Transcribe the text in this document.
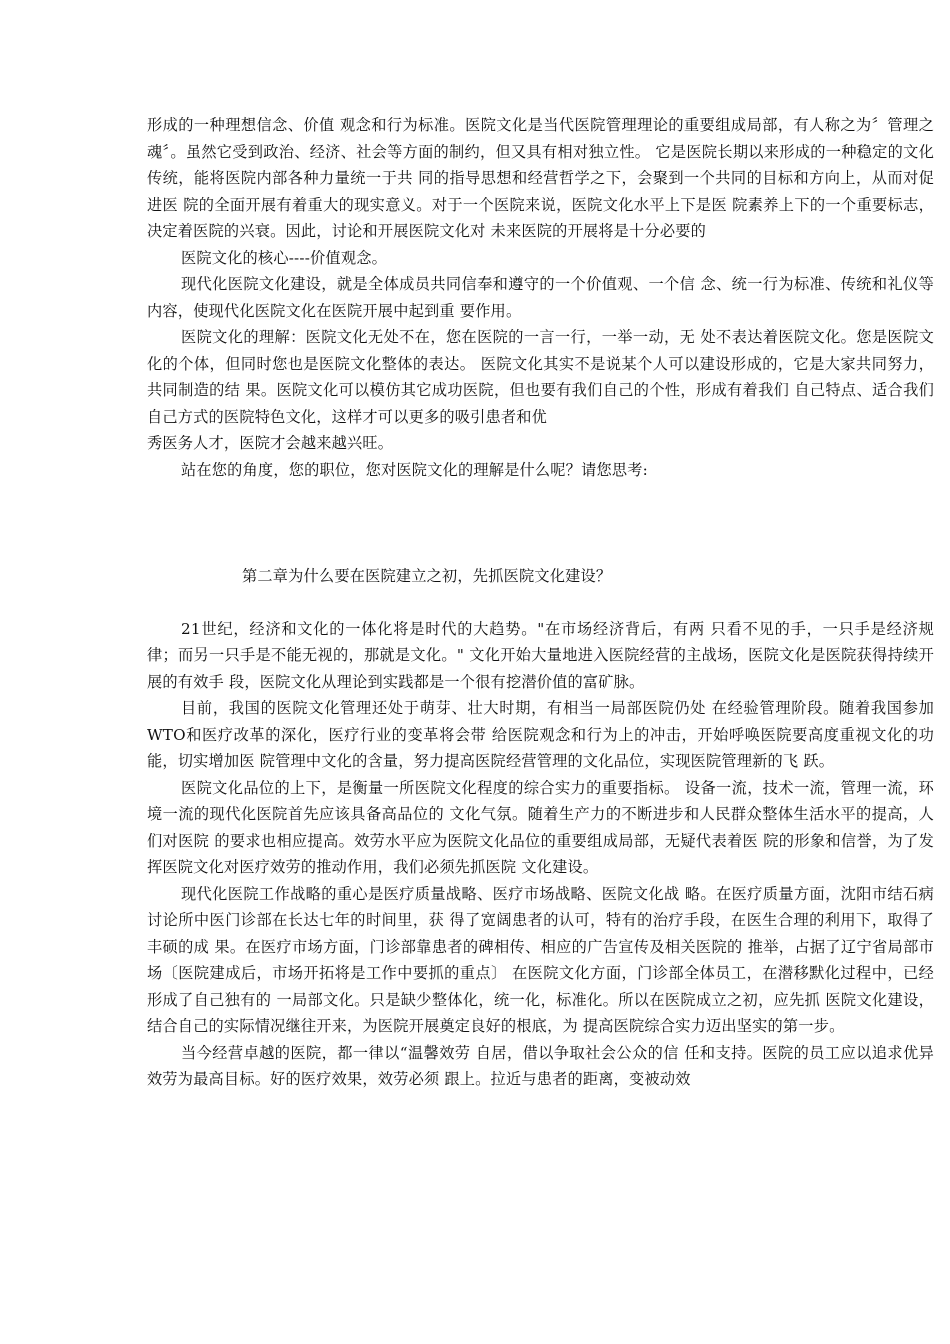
形成的一种理想信念、价值 观念和行为标准。医院文化是当代医院管理理论的重要组成局部，有人称之为〞管理之魂〞。虽然它受到政治、经济、社会等方面的制约，但又具有相对独立性。 它是医院长期以来形成的一种稳定的文化传统，能将医院内部各种力量统一于共 同的指导思想和经营哲学之下，会聚到一个共同的目标和方向上，从而对促进医 院的全面开展有着重大的现实意义。对于一个医院来说，医院文化水平上下是医 院素养上下的一个重要标志，决定着医院的兴衰。因此，讨论和开展医院文化对 未来医院的开展将是十分必要的

医院文化的核心----价值观念。

现代化医院文化建设，就是全体成员共同信奉和遵守的一个价值观、一个信 念、统一行为标准、传统和礼仪等内容，使现代化医院文化在医院开展中起到重 要作用。

医院文化的理解：医院文化无处不在，您在医院的一言一行，一举一动，无 处不表达着医院文化。您是医院文化的个体，但同时您也是医院文化整体的表达。 医院文化其实不是说某个人可以建设形成的，它是大家共同努力，共同制造的结 果。医院文化可以模仿其它成功医院，但也要有我们自己的个性，形成有着我们 自己特点、适合我们自己方式的医院特色文化，这样才可以更多的吸引患者和优

秀医务人才，医院才会越来越兴旺。

站在您的角度，您的职位，您对医院文化的理解是什么呢？请您思考:

第二章为什么要在医院建立之初，先抓医院文化建设？

21世纪，经济和文化的一体化将是时代的大趋势。"在市场经济背后，有两 只看不见的手，一只手是经济规律；而另一只手是不能无视的，那就是文化。" 文化开始大量地进入医院经营的主战场，医院文化是医院获得持续开展的有效手 段，医院文化从理论到实践都是一个很有挖潜价值的富矿脉。

目前，我国的医院文化管理还处于萌芽、壮大时期，有相当一局部医院仍处 在经验管理阶段。随着我国参加WTO和医疗改革的深化，医疗行业的变革将会带 给医院观念和行为上的冲击，开始呼唤医院要高度重视文化的功能，切实增加医 院管理中文化的含量，努力提高医院经营管理的文化品位，实现医院管理新的飞 跃。

医院文化品位的上下，是衡量一所医院文化程度的综合实力的重要指标。 设备一流，技术一流，管理一流，环境一流的现代化医院首先应该具备高品位的 文化气氛。随着生产力的不断进步和人民群众整体生活水平的提高，人们对医院 的要求也相应提高。效劳水平应为医院文化品位的重要组成局部，无疑代表着医 院的形象和信誉，为了发挥医院文化对医疗效劳的推动作用，我们必须先抓医院 文化建设。

现代化医院工作战略的重心是医疗质量战略、医疗市场战略、医院文化战 略。在医疗质量方面，沈阳市结石病讨论所中医门诊部在长达七年的时间里，获 得了宽阔患者的认可，特有的治疗手段，在医生合理的利用下，取得了丰硕的成 果。在医疗市场方面，门诊部靠患者的碑相传、相应的广告宣传及相关医院的 推举，占据了辽宁省局部市场〔医院建成后，市场开拓将是工作中要抓的重点〕 在医院文化方面，门诊部全体员工，在潜移默化过程中，已经形成了自己独有的 一局部文化。只是缺少整体化，统一化，标准化。所以在医院成立之初，应先抓 医院文化建设，结合自己的实际情况继往开来，为医院开展奠定良好的根底，为 提高医院综合实力迈出坚实的第一步。

当今经营卓越的医院，都一律以“温馨效劳 自居，借以争取社会公众的信 任和支持。医院的员工应以追求优异效劳为最高目标。好的医疗效果，效劳必须 跟上。拉近与患者的距离，变被动效
